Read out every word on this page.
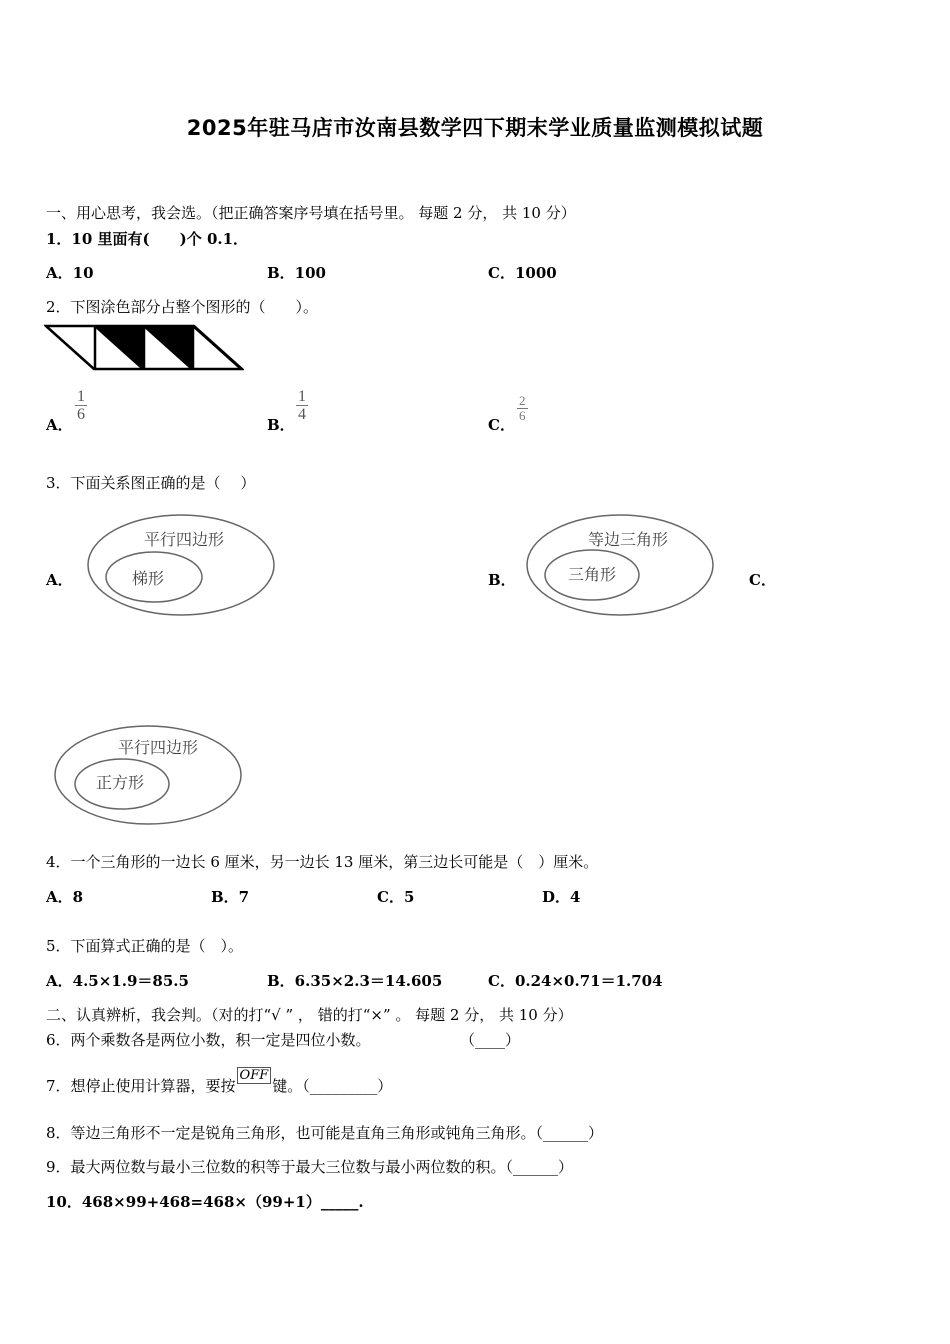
2025年驻马店市汝南县数学四下期末学业质量监测模拟试题
一、用心思考，我会选。（把正确答案序号填在括号里。 每题 2 分， 共 10 分）
1．10 里面有(　　)个 0.1．
A．10	B．100	C．1000
2．下图涂色部分占整个图形的（　　）。
A．
$\frac{1}{6}$
B．
$\frac{1}{4}$
C．
$\frac{2}{6}$
3．下面关系图正确的是（　 ）
A．
平行四边形
梯形	B．
等边三角形
三角形	C．
平行四边形
正方形
4．一个三角形的一边长 6 厘米，另一边长 13 厘米，第三边长可能是（　）厘米。
A．8	B．7	C．5	D．4
5．下面算式正确的是（　）。
A．4.5×1.9＝85.5	B．6.35×2.3＝14.605	C．0.24×0.71＝1.704
二、认真辨析，我会判。（对的打“√ ” ， 错的打“×” 。 每题 2 分， 共 10 分）
6．两个乘数各是两位小数，积一定是四位小数。	（____）
7．想停止使用计算器，要按OFF键。（_________）
8．等边三角形不一定是锐角三角形，也可能是直角三角形或钝角三角形。（______）
9．最大两位数与最小三位数的积等于最大三位数与最小两位数的积。（______）
10．468×99+468=468×（99+1）_____.
